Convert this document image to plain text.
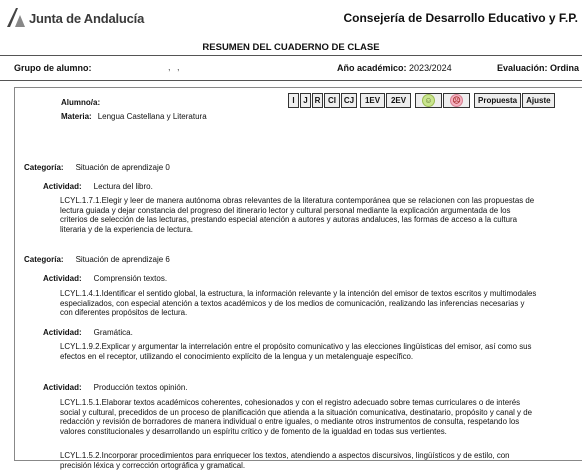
Junta de Andalucía	Consejería de Desarrollo Educativo y F.P.
RESUMEN DEL CUADERNO DE CLASE
Grupo de alumno:	, ,	Año académico: 2023/2024	Evaluación: Ordina
Alumno/a:
Materia: Lengua Castellana y Literatura
I	J R CI CJ	1EV	2EV	☺	☹	Propuesta	Ajuste
Categoría: Situación de aprendizaje 0
Actividad: Lectura del libro.
LCYL.1.7.1.Elegir y leer de manera autónoma obras relevantes de la literatura contemporánea que se relacionen con las propuestas de lectura guiada y dejar constancia del progreso del itinerario lector y cultural personal mediante la explicación argumentada de los criterios de selección de las lecturas, prestando especial atención a autores y autoras andaluces, las formas de acceso a la cultura literaria y de la experiencia de lectura.
Categoría: Situación de aprendizaje 6
Actividad: Comprensión textos.
LCYL.1.4.1.Identificar el sentido global, la estructura, la información relevante y la intención del emisor de textos escritos y multimodales especializados, con especial atención a textos académicos y de los medios de comunicación, realizando las inferencias necesarias y con diferentes propósitos de lectura.
Actividad: Gramática.
LCYL.1.9.2.Explicar y argumentar la interrelación entre el propósito comunicativo y las elecciones lingüísticas del emisor, así como sus efectos en el receptor, utilizando el conocimiento explícito de la lengua y un metalenguaje específico.
Actividad: Producción textos opinión.
LCYL.1.5.1.Elaborar textos académicos coherentes, cohesionados y con el registro adecuado sobre temas curriculares o de interés social y cultural, precedidos de un proceso de planificación que atienda a la situación comunicativa, destinatario, propósito y canal y de redacción y revisión de borradores de manera individual o entre iguales, o mediante otros instrumentos de consulta, respetando los valores constitucionales y desarrollando un espíritu crítico y de fomento de la igualdad en todas sus vertientes.
LCYL.1.5.2.Incorporar procedimientos para enriquecer los textos, atendiendo a aspectos discursivos, lingüísticos y de estilo, con precisión léxica y corrección ortográfica y gramatical.
